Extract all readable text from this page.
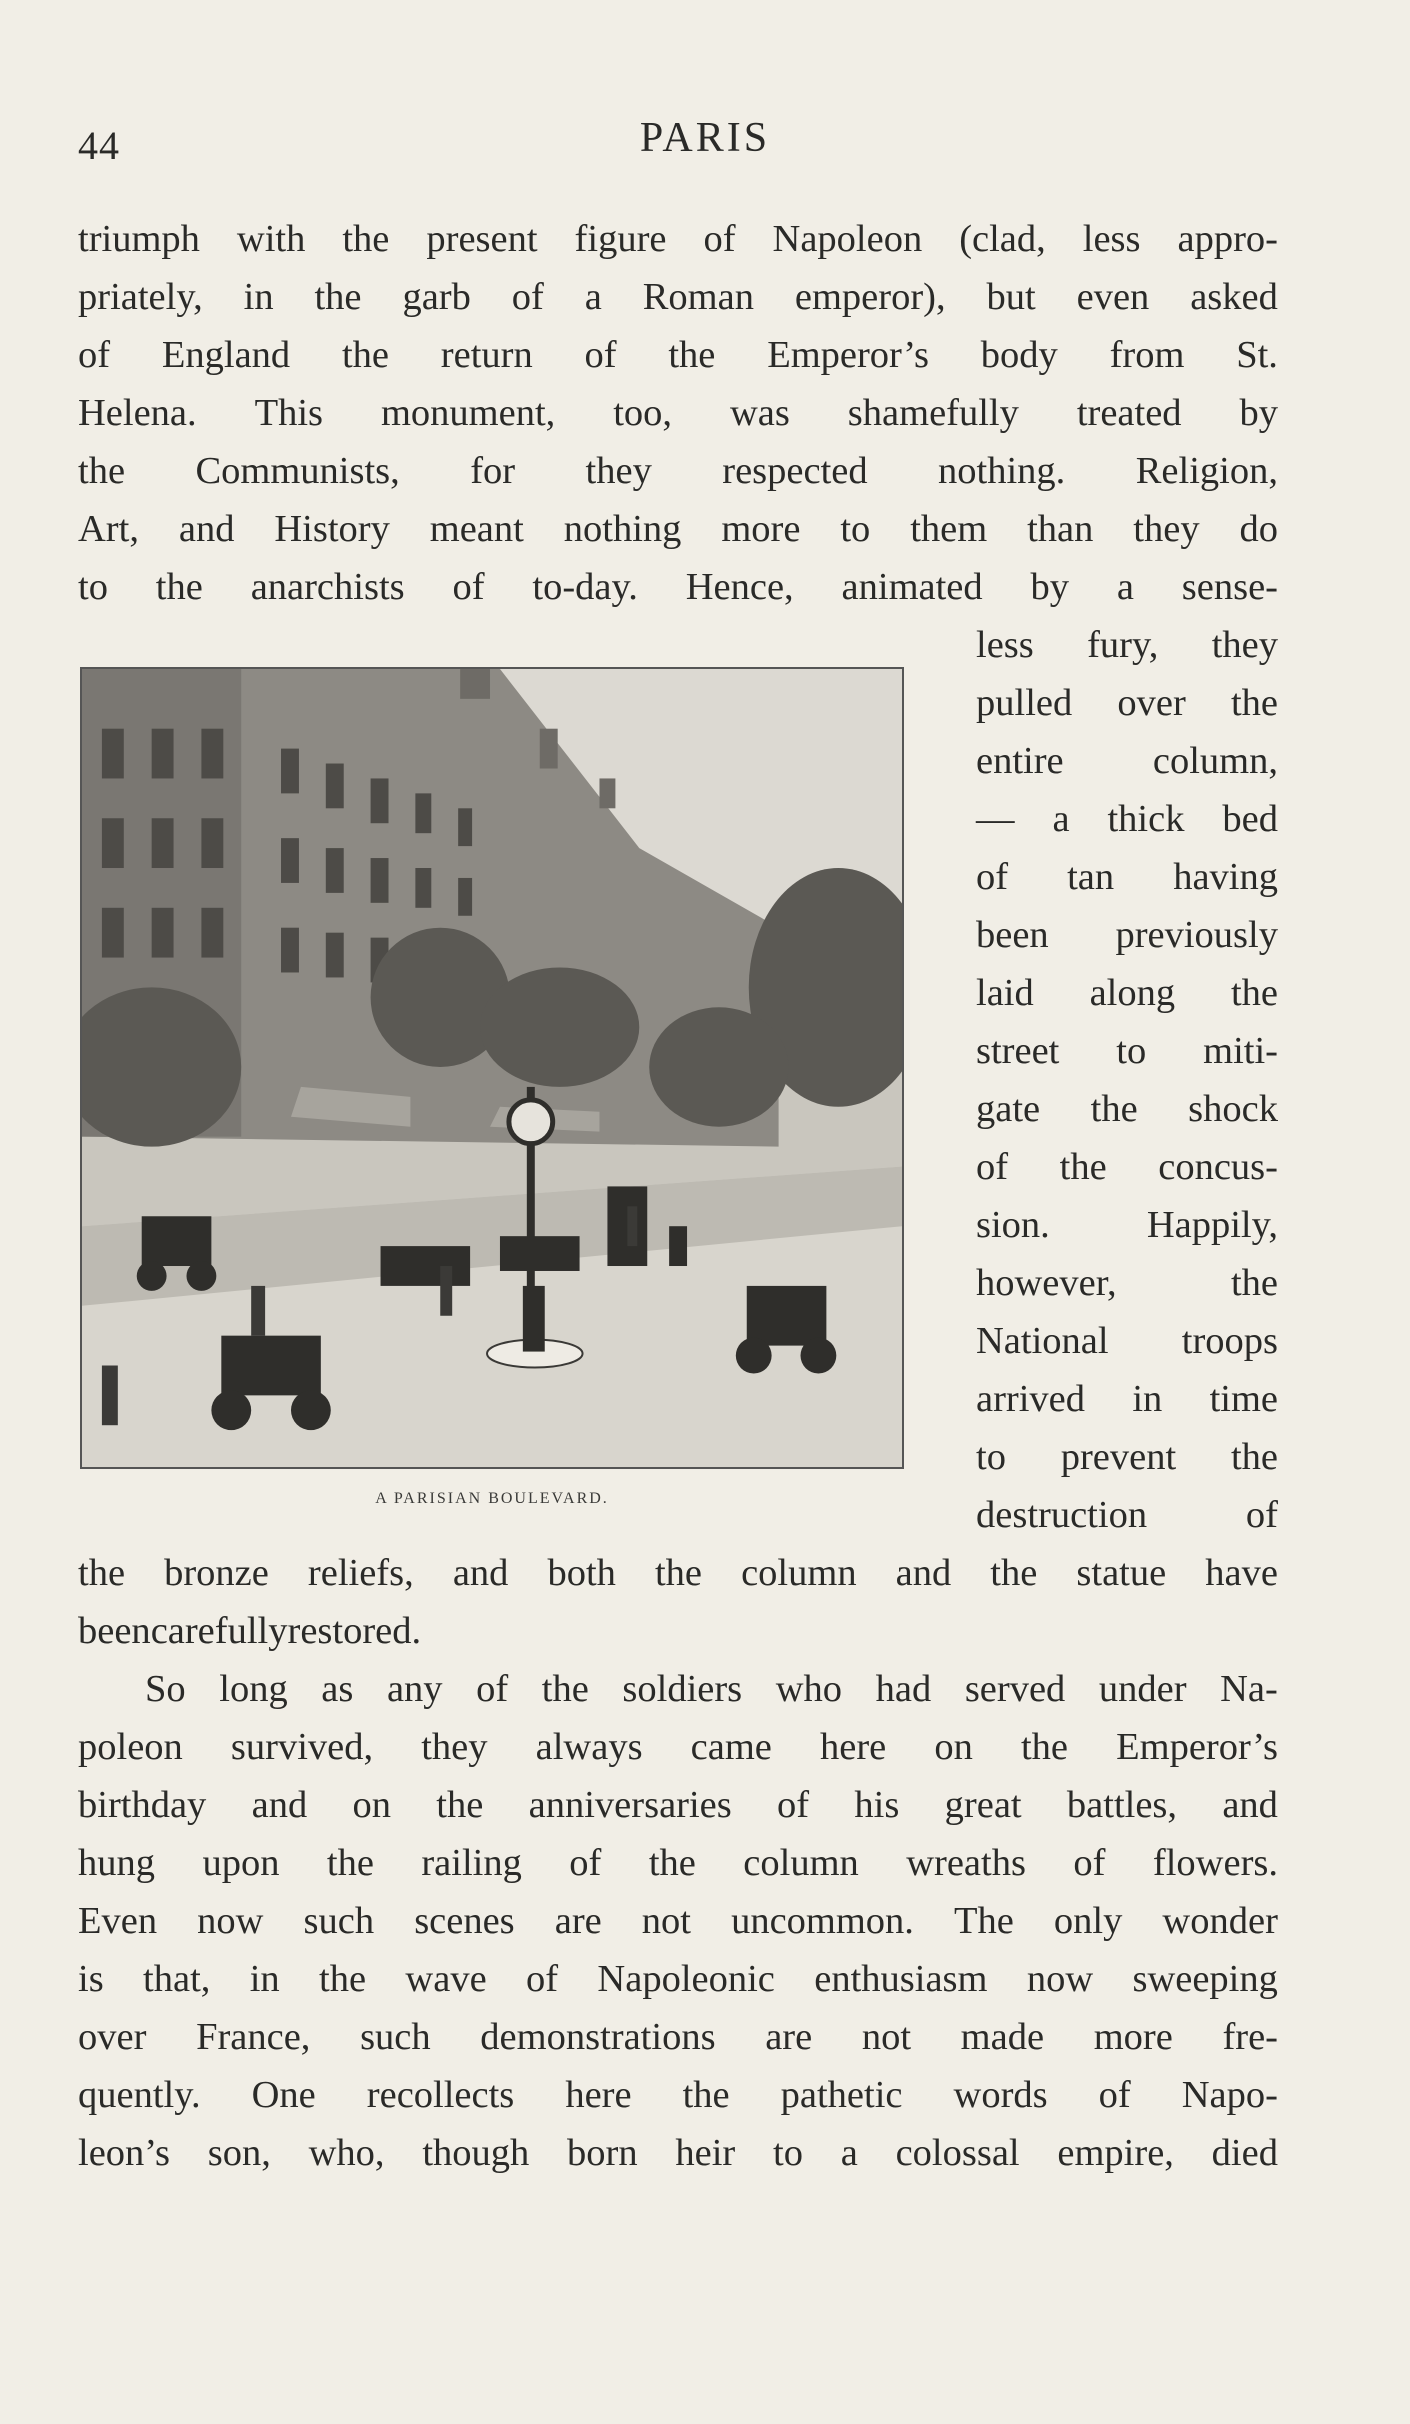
44	PARIS
triumph with the present figure of Napoleon (clad, less appro-
priately, in the garb of a Roman emperor), but even asked
of England the return of the Emperor’s body from St.
Helena. This monument, too, was shamefully treated by
the Communists, for they respected nothing. Religion,
Art, and History meant nothing more to them than they do
to the anarchists of to-day. Hence, animated by a sense-
less fury, they
pulled over the
entire column,
— a thick bed
of tan having
been previously
laid along the
street to miti-
gate the shock
of the concus-
sion.	Happily,
however,	the
National troops
arrived in time
to prevent the
destruction	of
the bronze reliefs, and both the column and the statue have
been carefully restored.
So long as any of the soldiers who had served under Na-
poleon survived, they always came here on the Emperor’s
birthday and on the anniversaries of his great battles, and
hung upon the railing of the column wreaths of flowers.
Even now such scenes are not uncommon. The only wonder
is that, in the wave of Napoleonic enthusiasm now sweeping
over France, such demonstrations are not made more fre-
quently. One recollects here the pathetic words of Napo-
leon’s son, who, though born heir to a colossal empire, died
A PARISIAN BOULEVARD.
